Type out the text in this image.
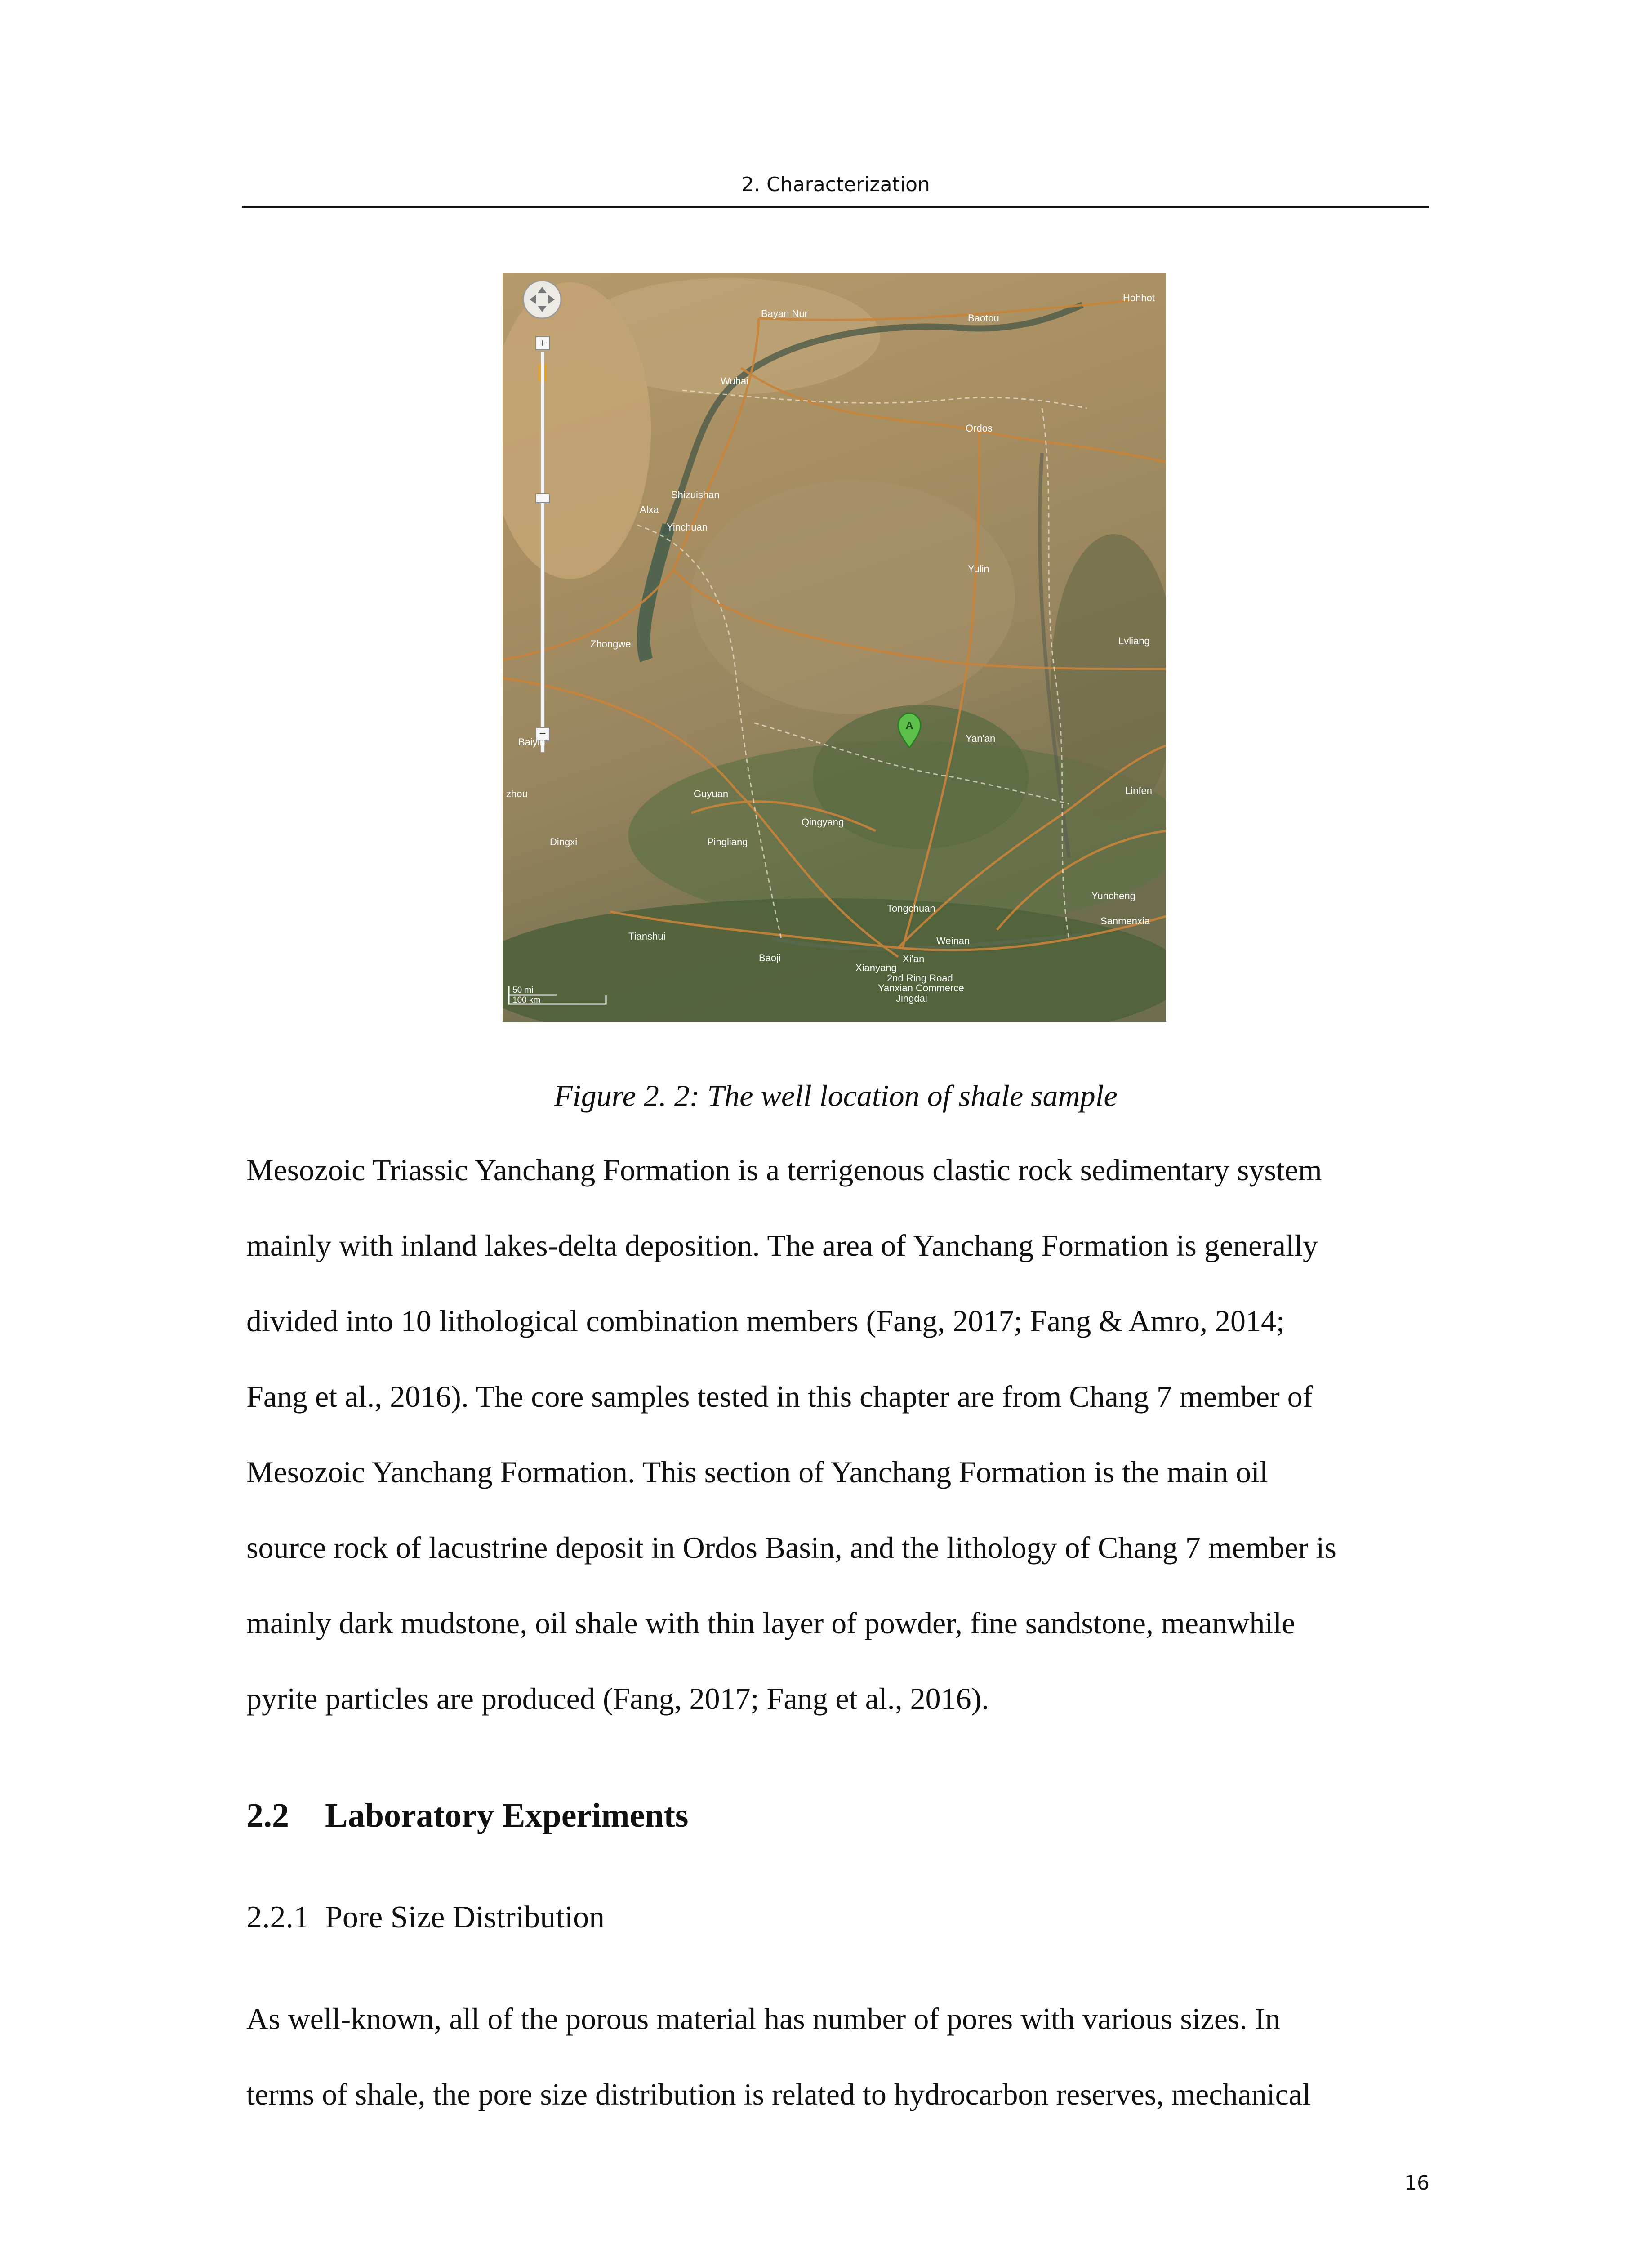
2. Characterization
+
−
Bayan Nur	Baotou
Hohhot
Wuhai
Ordos
Shizuishan
Alxa
Yinchuan
Yulin
Zhongwei	Lvliang
Baiyin	Yan'an
Guyuan
Qingyang
Linfen
Dingxi	Pingliang
Yuncheng
Tongchuan
Sanmenxia
Tianshui	Weinan
Baoji
Xianyang
Xi'an
2nd Ring Road
Yanxian Commerce
Jingdai
zhou
A
50 mi
100 km
Figure 2. 2: The well location of shale sample

Mesozoic Triassic Yanchang Formation is a terrigenous clastic rock sedimentary system

mainly with inland lakes-delta deposition. The area of Yanchang Formation is generally

divided into 10 lithological combination members (Fang, 2017; Fang & Amro, 2014;

Fang et al., 2016). The core samples tested in this chapter are from Chang 7 member of

Mesozoic Yanchang Formation. This section of Yanchang Formation is the main oil

source rock of lacustrine deposit in Ordos Basin, and the lithology of Chang 7 member is

mainly dark mudstone, oil shale with thin layer of powder, fine sandstone, meanwhile

pyrite particles are produced (Fang, 2017; Fang et al., 2016).

2.2 Laboratory Experiments
2.2.1 Pore Size Distribution

As well-known, all of the porous material has number of pores with various sizes. In

terms of shale, the pore size distribution is related to hydrocarbon reserves, mechanical

16
